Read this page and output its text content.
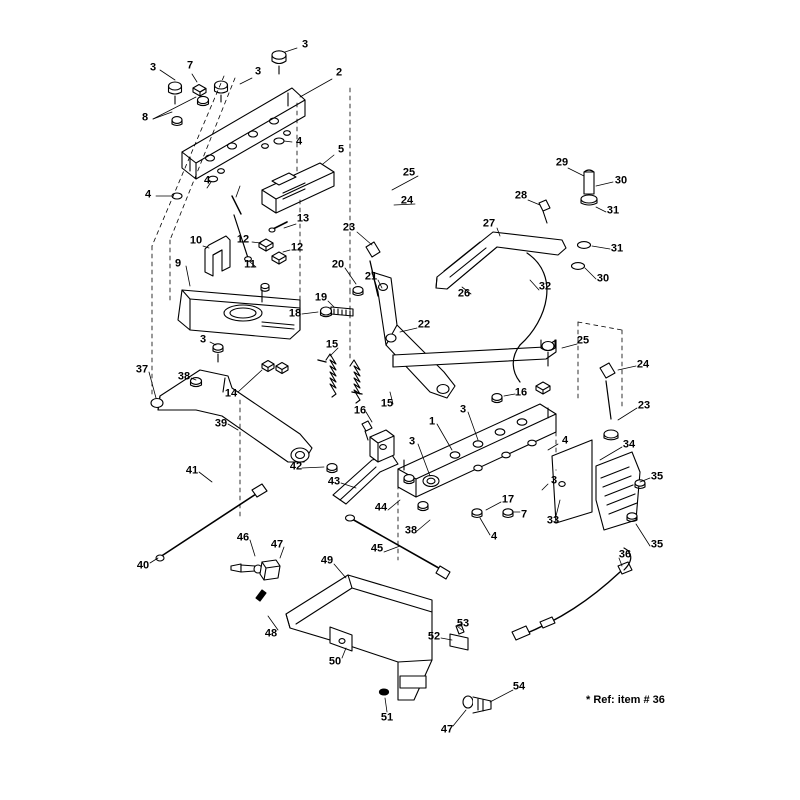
3	7	3
3
2
8
4
5
4
4
25
24
29
30
28
31
27
13
23
31
12
12
10
30
11
26
20
21
32
9
19
18
22
25
3	15
24
37
38
14	16
3
15
16	23
39	1
3	34
4
41	42
43	35
3
17
7 33
44
38	4
35
45
46
47
49	36
40
48
53
52
50
54
51
47
* Ref: item # 36
